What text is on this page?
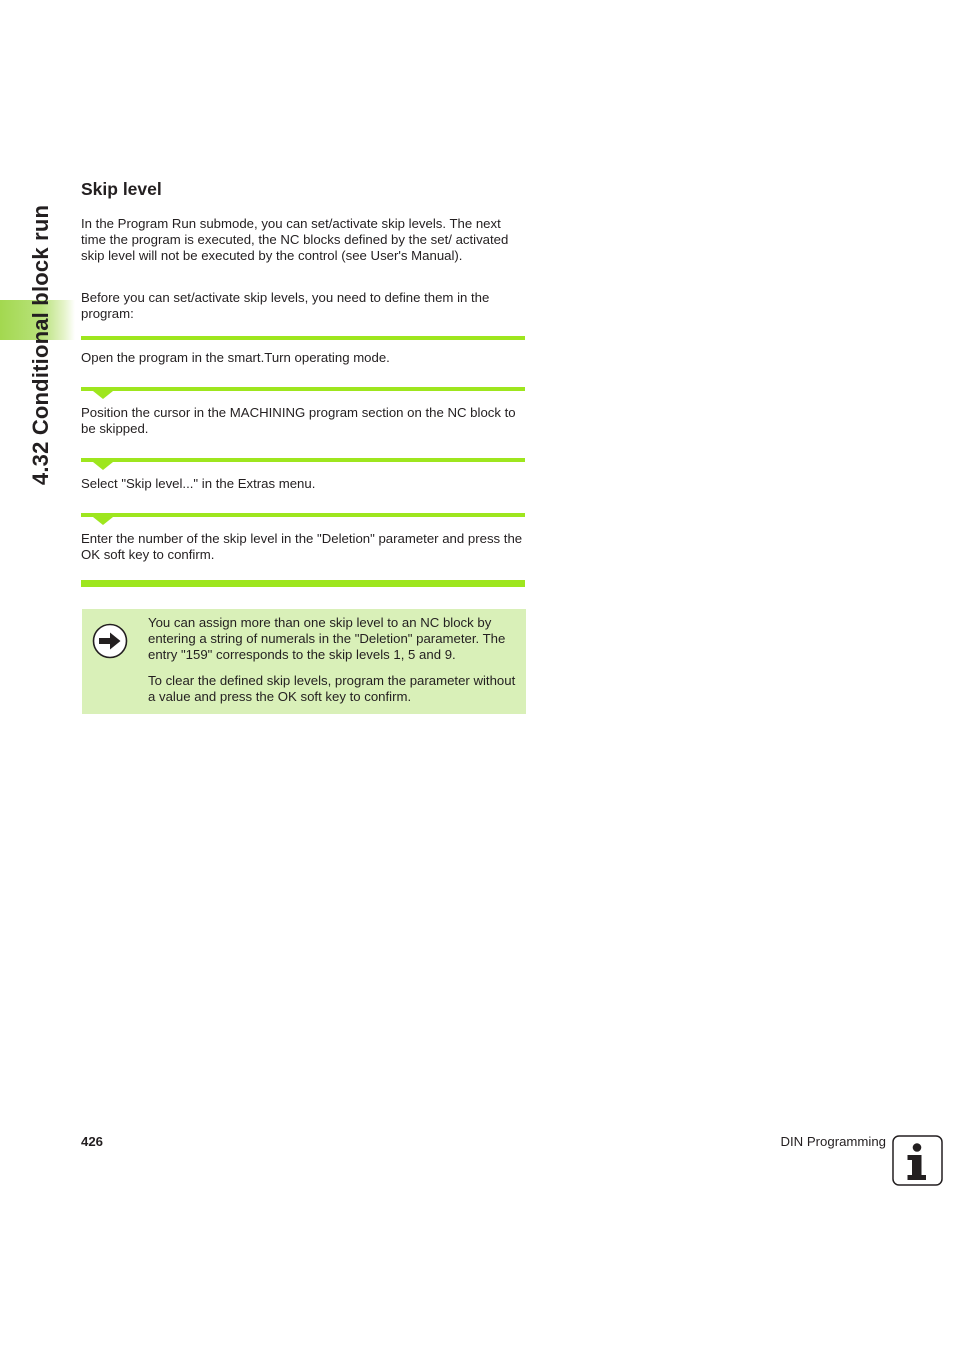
4.32 Conditional block run
Skip level

In the Program Run submode, you can set/activate skip levels. The next time the program is executed, the NC blocks defined by the set/ activated skip level will not be executed by the control (see User's Manual).

Before you can set/activate skip levels, you need to define them in the program:

Open the program in the smart.Turn operating mode.

Position the cursor in the MACHINING program section on the NC block to be skipped.

Select "Skip level..." in the Extras menu.

Enter the number of the skip level in the "Deletion" parameter and press the OK soft key to confirm.

You can assign more than one skip level to an NC block by entering a string of numerals in the "Deletion" parameter. The entry "159" corresponds to the skip levels 1, 5 and 9.

To clear the defined skip levels, program the parameter without a value and press the OK soft key to confirm.

426	DIN Programming
